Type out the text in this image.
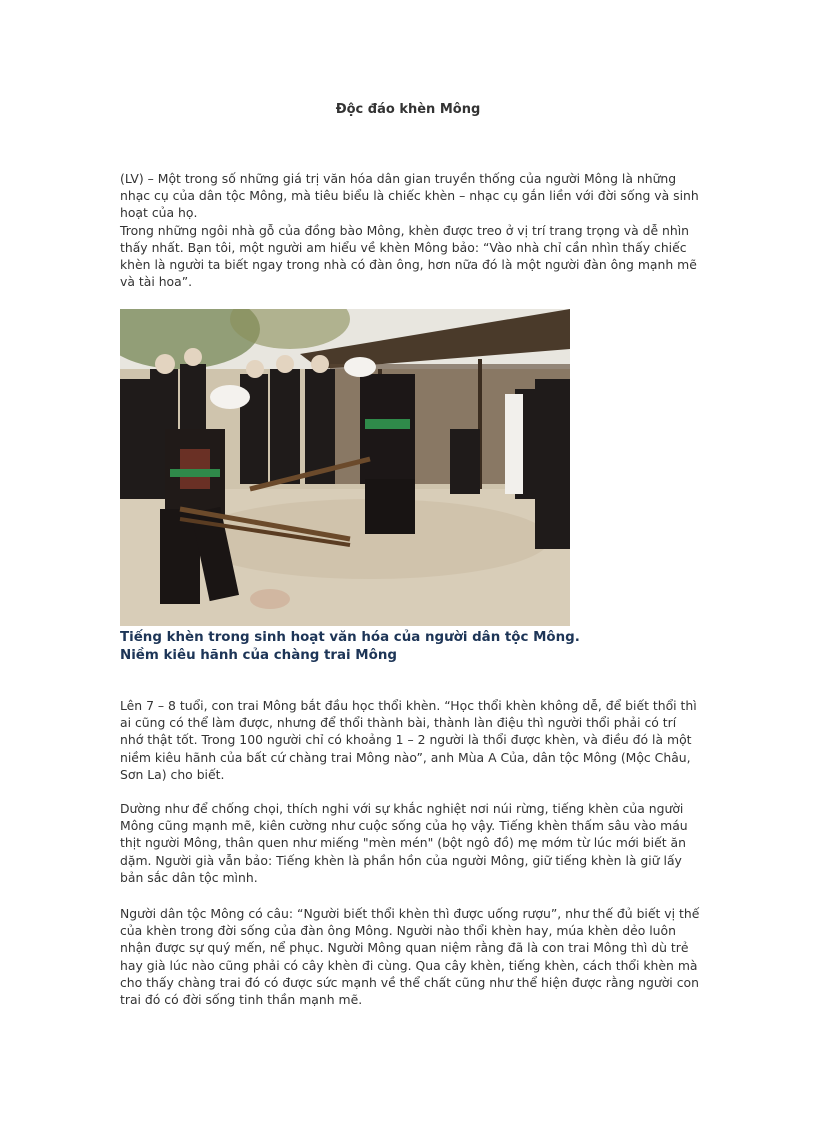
Độc đáo khèn Mông

(LV) – Một trong số những giá trị văn hóa dân gian truyền thống của người Mông là những nhạc cụ của dân tộc Mông, mà tiêu biểu là chiếc khèn – nhạc cụ gắn liền với đời sống và sinh hoạt của họ.

Trong những ngôi nhà gỗ của đồng bào Mông, khèn được treo ở vị trí trang trọng và dễ nhìn thấy nhất. Bạn tôi, một người am hiểu về khèn Mông bảo: “Vào nhà chỉ cần nhìn thấy chiếc khèn là người ta biết ngay trong nhà có đàn ông, hơn nữa đó là một người đàn ông mạnh mẽ và tài hoa”.

Tiếng khèn trong sinh hoạt văn hóa của người dân tộc Mông.

Niềm kiêu hãnh của chàng trai Mông

Lên 7 – 8 tuổi, con trai Mông bắt đầu học thổi khèn. “Học thổi khèn không dễ, để biết thổi thì ai cũng có thể làm được, nhưng để thổi thành bài, thành làn điệu thì người thổi phải có trí nhớ thật tốt. Trong 100 người chỉ có khoảng 1 – 2 người là thổi được khèn, và điều đó là một niềm kiêu hãnh của bất cứ chàng trai Mông nào”, anh Mùa A Của, dân tộc Mông (Mộc Châu, Sơn La) cho biết.

Dường như để chống chọi, thích nghi với sự khắc nghiệt nơi núi rừng, tiếng khèn của người Mông cũng mạnh mẽ, kiên cường như cuộc sống của họ vậy. Tiếng khèn thấm sâu vào máu thịt người Mông, thân quen như miếng "mèn mén" (bột ngô đồ) mẹ mớm từ lúc mới biết ăn dặm. Người già vẫn bảo: Tiếng khèn là phần hồn của người Mông, giữ tiếng khèn là giữ lấy bản sắc dân tộc mình.

Người dân tộc Mông có câu: “Người biết thổi khèn thì được uống rượu”, như thế đủ biết vị thế của khèn trong đời sống của đàn ông Mông. Người nào thổi khèn hay, múa khèn dẻo luôn nhận được sự quý mến, nể phục. Người Mông quan niệm rằng đã là con trai Mông thì dù trẻ hay già lúc nào cũng phải có cây khèn đi cùng. Qua cây khèn, tiếng khèn, cách thổi khèn mà cho thấy chàng trai đó có được sức mạnh về thể chất cũng như thể hiện được rằng người con trai đó có đời sống tinh thần mạnh mẽ.
